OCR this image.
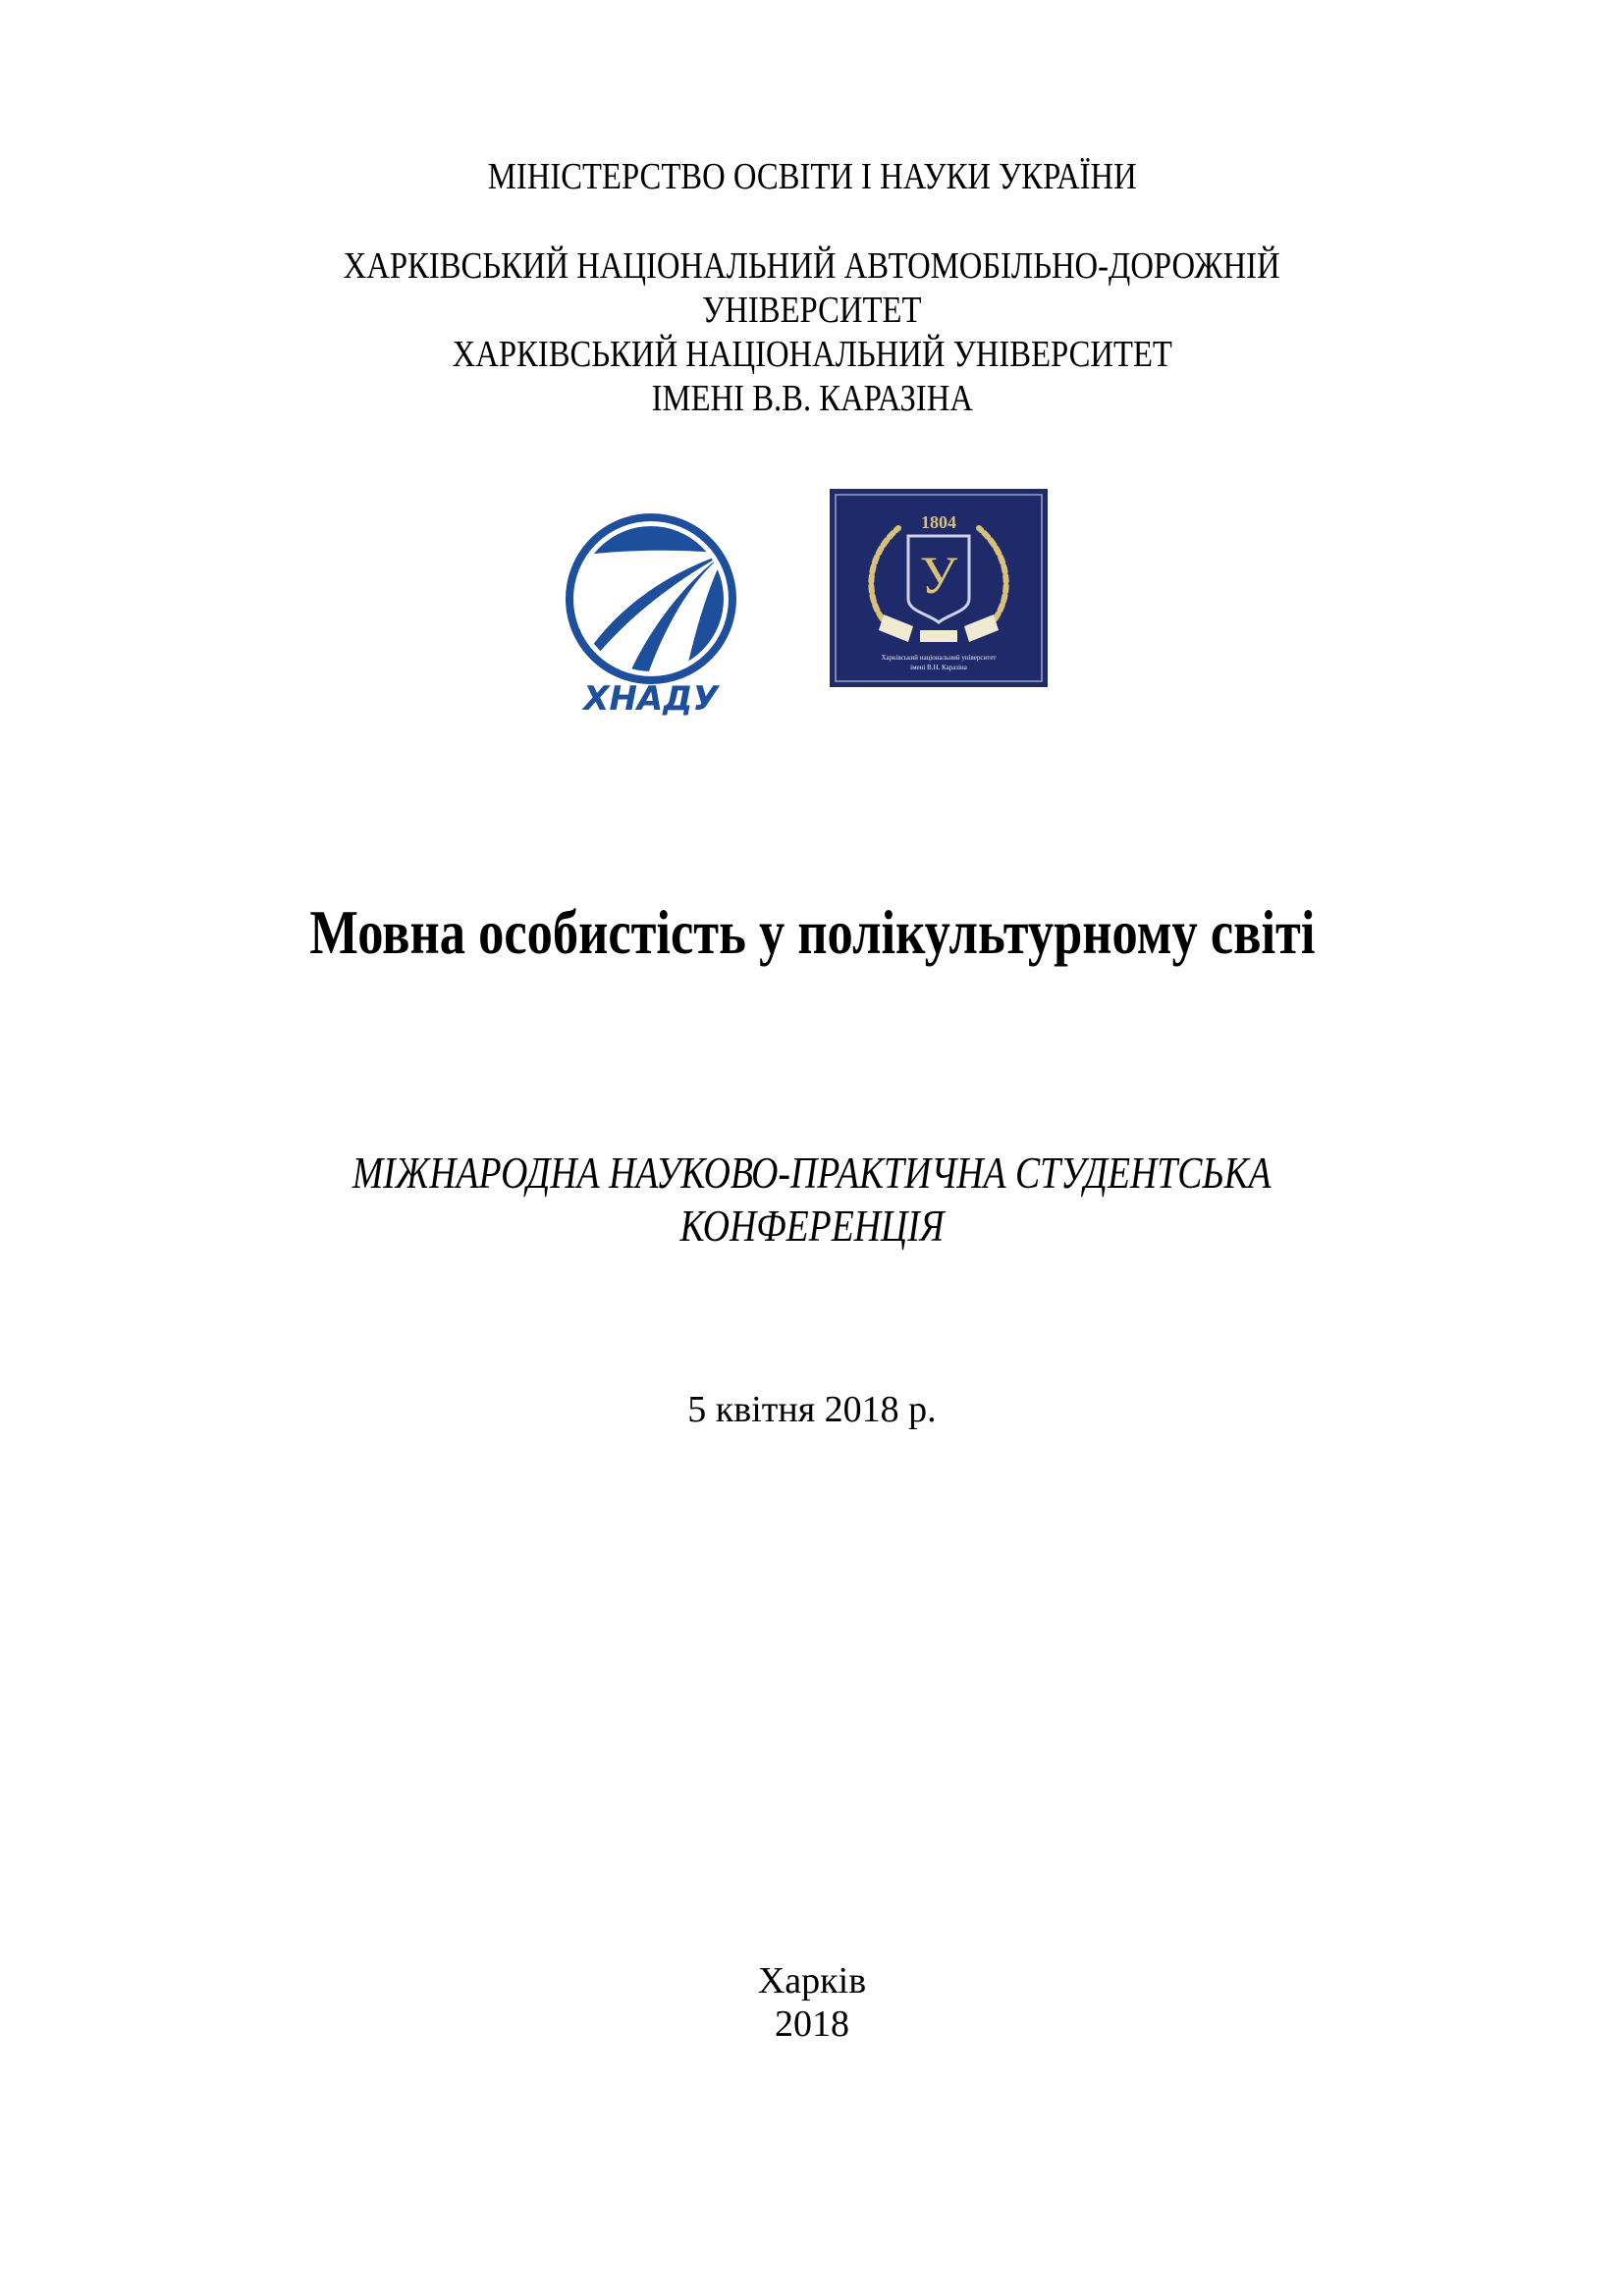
МІНІСТЕРСТВО ОСВІТИ І НАУКИ УКРАЇНИ
ХАРКІВСЬКИЙ НАЦІОНАЛЬНИЙ АВТОМОБІЛЬНО-ДОРОЖНІЙ
УНІВЕРСИТЕТ
ХАРКІВСЬКИЙ НАЦІОНАЛЬНИЙ УНІВЕРСИТЕТ
ІМЕНІ В.В. КАРАЗІНА
ХНАДУ
1804
У
Харківський національний університет
імені В.Н. Каразіна
Мовна особистість у полікультурному світі
МІЖНАРОДНА НАУКОВО-ПРАКТИЧНА СТУДЕНТСЬКА
КОНФЕРЕНЦІЯ
5 квітня 2018 р.
Харків
2018
